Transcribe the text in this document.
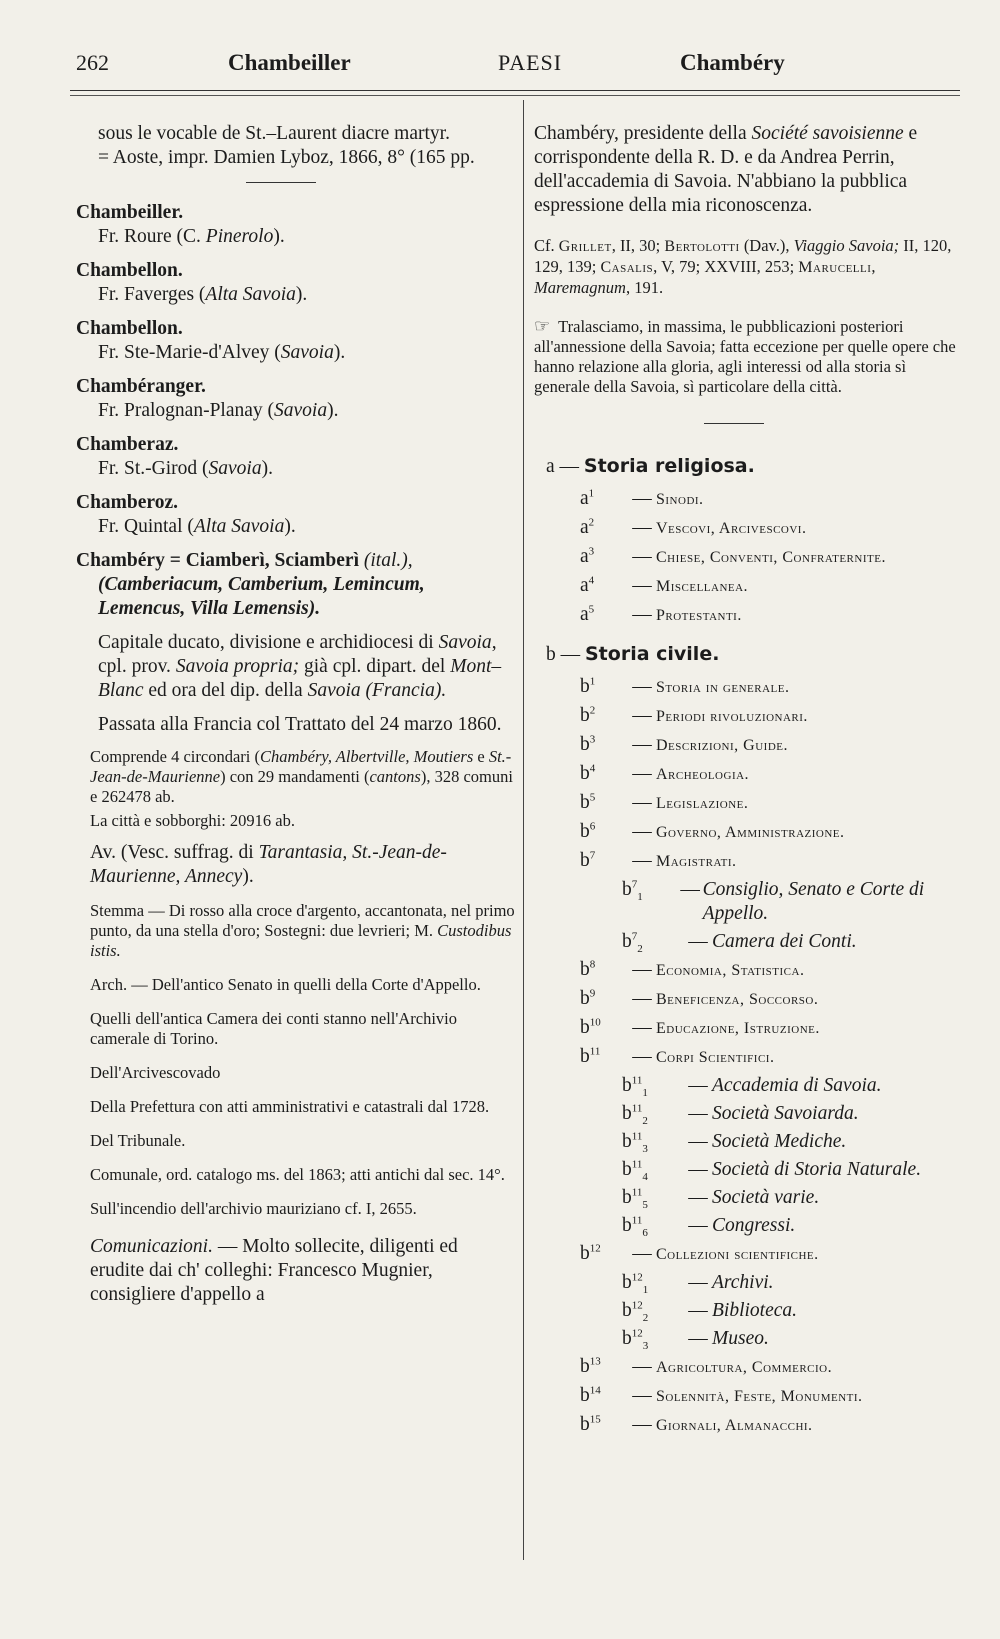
262	Chambeiller	PAESI	Chambéry

sous le vocable de St.–Laurent diacre martyr.

= Aoste, impr. Damien Lyboz, 1866, 8° (165 pp.

Chambeiller.

Fr. Roure (C. Pinerolo).

Chambellon.

Fr. Faverges (Alta Savoia).

Chambellon.

Fr. Ste-Marie-d'Alvey (Savoia).

Chambéranger.

Fr. Pralognan-Planay (Savoia).

Chamberaz.

Fr. St.-Girod (Savoia).

Chamberoz.

Fr. Quintal (Alta Savoia).

Chambéry = Ciamberì, Sciamberì (ital.),

(Camberiacum, Camberium, Lemincum, Lemencus, Villa Lemensis).

Capitale ducato, divisione e archidiocesi di Savoia, cpl. prov. Savoia propria; già cpl. dipart. del Mont–Blanc ed ora del dip. della Savoia (Francia).

Passata alla Francia col Trattato del 24 marzo 1860.

Comprende 4 circondari (Chambéry, Albertville, Moutiers e St.-Jean-de-Maurienne) con 29 mandamenti (cantons), 328 comuni e 262478 ab.

La città e sobborghi: 20916 ab.

Av. (Vesc. suffrag. di Tarantasia, St.-Jean-de-Maurienne, Annecy).

Stemma — Di rosso alla croce d'argento, accantonata, nel primo punto, da una stella d'oro; Sostegni: due levrieri; M. Custodibus istis.

Arch. — Dell'antico Senato in quelli della Corte d'Appello.

Quelli dell'antica Camera dei conti stanno nell'Archivio camerale di Torino.

Dell'Arcivescovado

Della Prefettura con atti amministrativi e catastrali dal 1728.

Del Tribunale.

Comunale, ord. catalogo ms. del 1863; atti antichi dal sec. 14°.

Sull'incendio dell'archivio mauriziano cf. I, 2655.

Comunicazioni. — Molto sollecite, diligenti ed erudite dai ch' colleghi: Francesco Mugnier, consigliere d'appello a

Chambéry, presidente della Société savoisienne e corrispondente della R. D. e da Andrea Perrin, dell'accademia di Savoia. N'abbiano la pubblica espressione della mia riconoscenza.

Cf. Grillet, II, 30; Bertolotti (Dav.), Viaggio Savoia; II, 120, 129, 139; Casalis, V, 79; XXVIII, 253; Marucelli, Maremagnum, 191.

☞ Tralasciamo, in massima, le pubblicazioni posteriori all'annessione della Savoia; fatta eccezione per quelle opere che hanno relazione alla gloria, agli interessi od alla storia sì generale della Savoia, sì particolare della città.

a — Storia religiosa.

$a^1$	— Sinodi.

$a^2$	— Vescovi, Arcivescovi.

$a^3$	— Chiese, Conventi, Confraternite.

$a^4$	— Miscellanea.

$a^5$	— Protestanti.

b — Storia civile.

$b^1$	— Storia in generale.

$b^2$	— Periodi rivoluzionari.

$b^3$	— Descrizioni, Guide.

$b^4$	— Archeologia.

$b^5$	— Legislazione.

$b^6$	— Governo, Amministrazione.

$b^7$	— Magistrati.

$b^7_1$	— Consiglio, Senato e Corte di Appello.

$b^7_2$	— Camera dei Conti.

$b^8$	— Economia, Statistica.

$b^9$	— Beneficenza, Soccorso.

$b^{10}$	— Educazione, Istruzione.

$b^{11}$	— Corpi Scientifici.

$b^{11}_1$	— Accademia di Savoia.

$b^{11}_2$	— Società Savoiarda.

$b^{11}_3$	— Società Mediche.

$b^{11}_4$	— Società di Storia Naturale.

$b^{11}_5$	— Società varie.

$b^{11}_6$	— Congressi.

$b^{12}$	— Collezioni scientifiche.

$b^{12}_1$	— Archivi.

$b^{12}_2$	— Biblioteca.

$b^{12}_3$	— Museo.

$b^{13}$	— Agricoltura, Commercio.

$b^{14}$	— Solennità, Feste, Monumenti.

$b^{15}$	— Giornali, Almanacchi.
